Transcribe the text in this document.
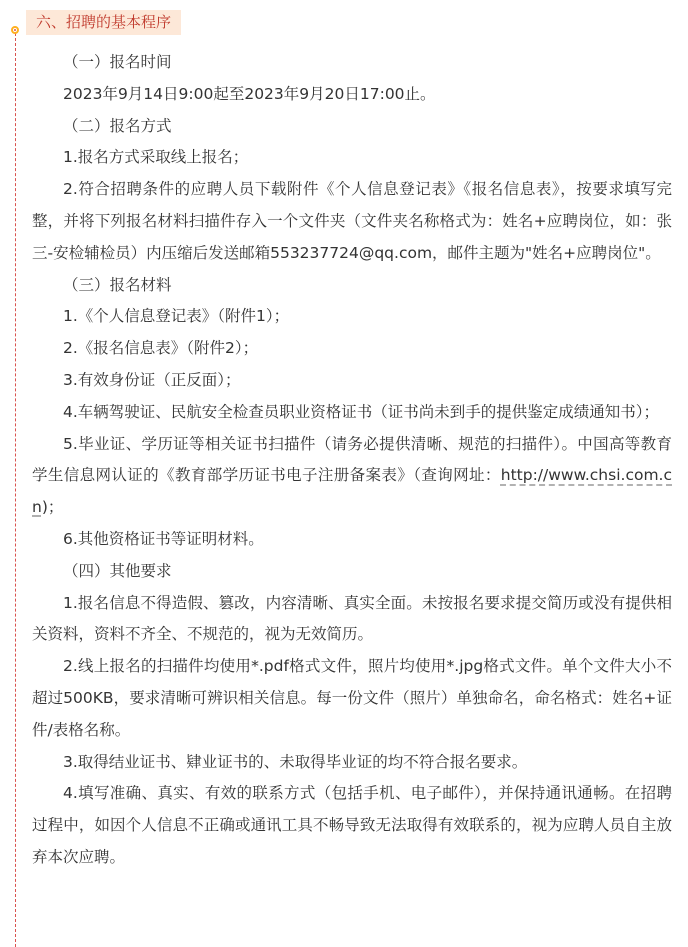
六、招聘的基本程序

（一）报名时间

2023年9月14日9:00起至2023年9月20日17:00止。

（二）报名方式

1.报名方式采取线上报名；

2.符合招聘条件的应聘人员下载附件《个人信息登记表》《报名信息表》，按要求填写完整，并将下列报名材料扫描件存入一个文件夹（文件夹名称格式为：姓名+应聘岗位，如：张三-安检辅检员）内压缩后发送邮箱553237724@qq.com，邮件主题为"姓名+应聘岗位"。

（三）报名材料

1.《个人信息登记表》（附件1）；

2.《报名信息表》（附件2）；

3.有效身份证（正反面）；

4.车辆驾驶证、民航安全检查员职业资格证书（证书尚未到手的提供鉴定成绩通知书）；

5.毕业证、学历证等相关证书扫描件（请务必提供清晰、规范的扫描件）。中国高等教育学生信息网认证的《教育部学历证书电子注册备案表》（查询网址：http://www.chsi.com.cn)；

6.其他资格证书等证明材料。

（四）其他要求

1.报名信息不得造假、篡改，内容清晰、真实全面。未按报名要求提交简历或没有提供相关资料，资料不齐全、不规范的，视为无效简历。

2.线上报名的扫描件均使用*.pdf格式文件，照片均使用*.jpg格式文件。单个文件大小不超过500KB，要求清晰可辨识相关信息。每一份文件（照片）单独命名，命名格式：姓名+证件/表格名称。

3.取得结业证书、肄业证书的、未取得毕业证的均不符合报名要求。

4.填写准确、真实、有效的联系方式（包括手机、电子邮件），并保持通讯通畅。在招聘过程中，如因个人信息不正确或通讯工具不畅导致无法取得有效联系的，视为应聘人员自主放弃本次应聘。
